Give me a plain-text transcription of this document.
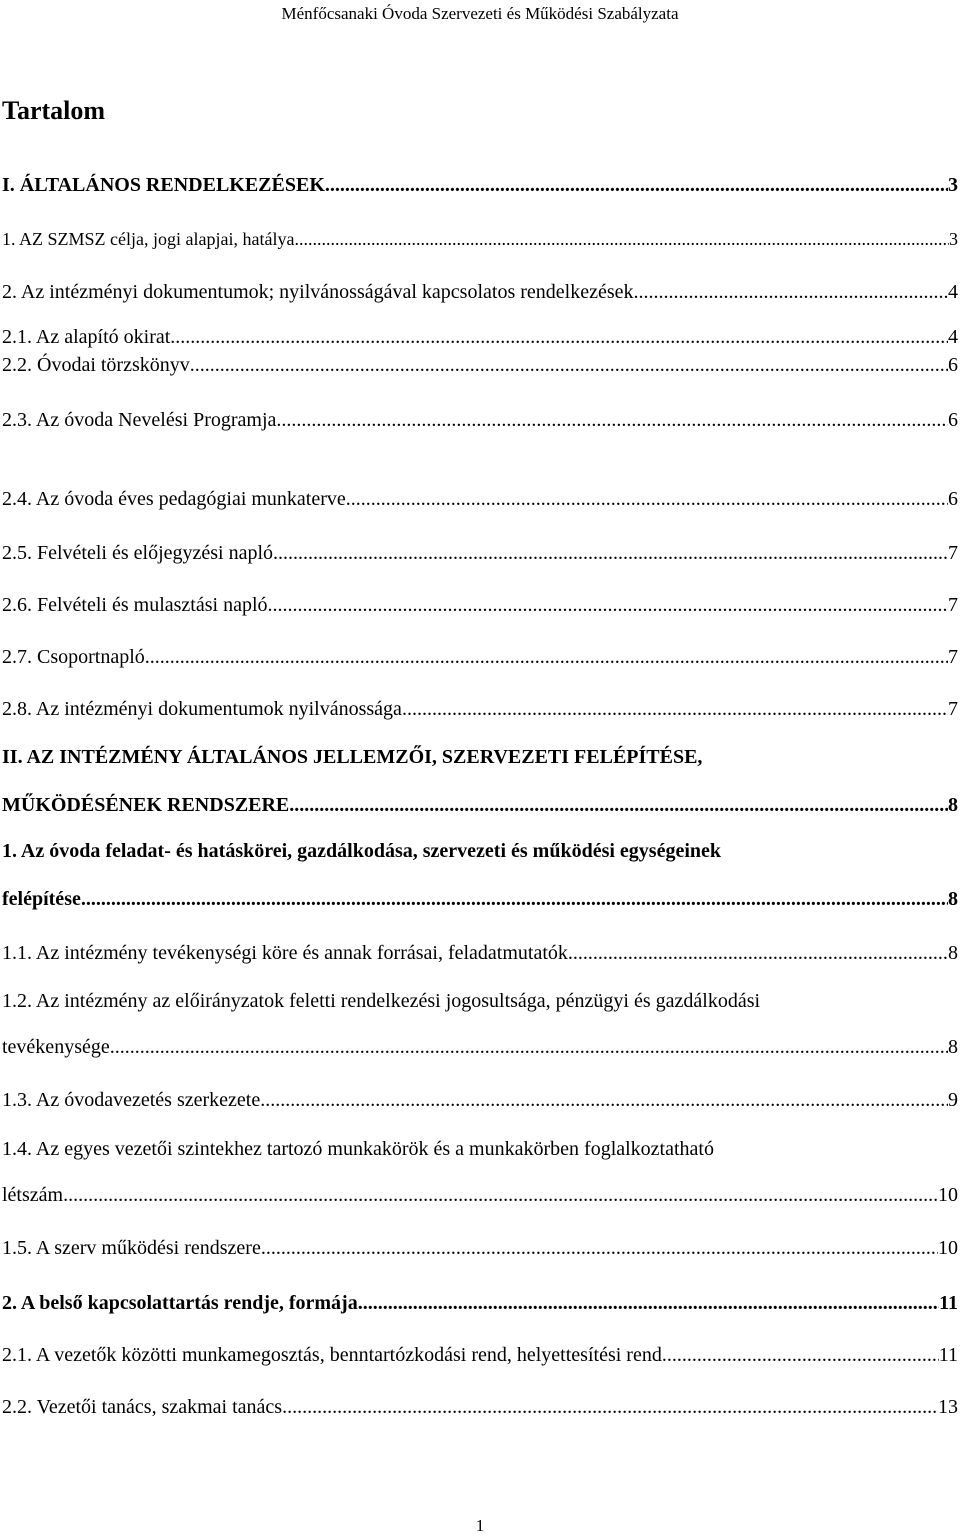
Ménfőcsanaki Óvoda Szervezeti és Működési Szabályzata
Tartalom
I. ÁLTALÁNOS RENDELKEZÉSEK .....	3
1. AZ SZMSZ célja, jogi alapjai, hatálya .....	3
2. Az intézményi dokumentumok; nyilvánosságával kapcsolatos rendelkezések .....	4
2.1. Az alapító okirat .....	4
2.2. Óvodai törzskönyv .....	6
2.3. Az óvoda Nevelési Programja .....	6
2.4. Az óvoda éves pedagógiai munkaterve .....	6
2.5. Felvételi és előjegyzési napló .....	7
2.6. Felvételi és mulasztási napló .....	7
2.7. Csoportnapló .....	7
2.8. Az intézményi dokumentumok nyilvánossága .....	7
II. AZ INTÉZMÉNY ÁLTALÁNOS JELLEMZŐI, SZERVEZETI FELÉPÍTÉSE,
MŰKÖDÉSÉNEK RENDSZERE .....	8
1. Az óvoda feladat- és hatáskörei, gazdálkodása, szervezeti és működési egységeinek
felépítése. .....	8
1.1. Az intézmény tevékenységi köre és annak forrásai, feladatmutatók .....	8
1.2. Az intézmény az előirányzatok feletti rendelkezési jogosultsága, pénzügyi és gazdálkodási
tevékenysége .....	8
1.3. Az óvodavezetés szerkezete .....	9
1.4. Az egyes vezetői szintekhez tartozó munkakörök és a munkakörben foglalkoztatható
létszám .....	10
1.5. A szerv működési rendszere .....	10
2. A belső kapcsolattartás rendje, formája .....	11
2.1. A vezetők közötti munkamegosztás, benntartózkodási rend, helyettesítési rend .....	11
2.2. Vezetői tanács, szakmai tanács .....	13
1
